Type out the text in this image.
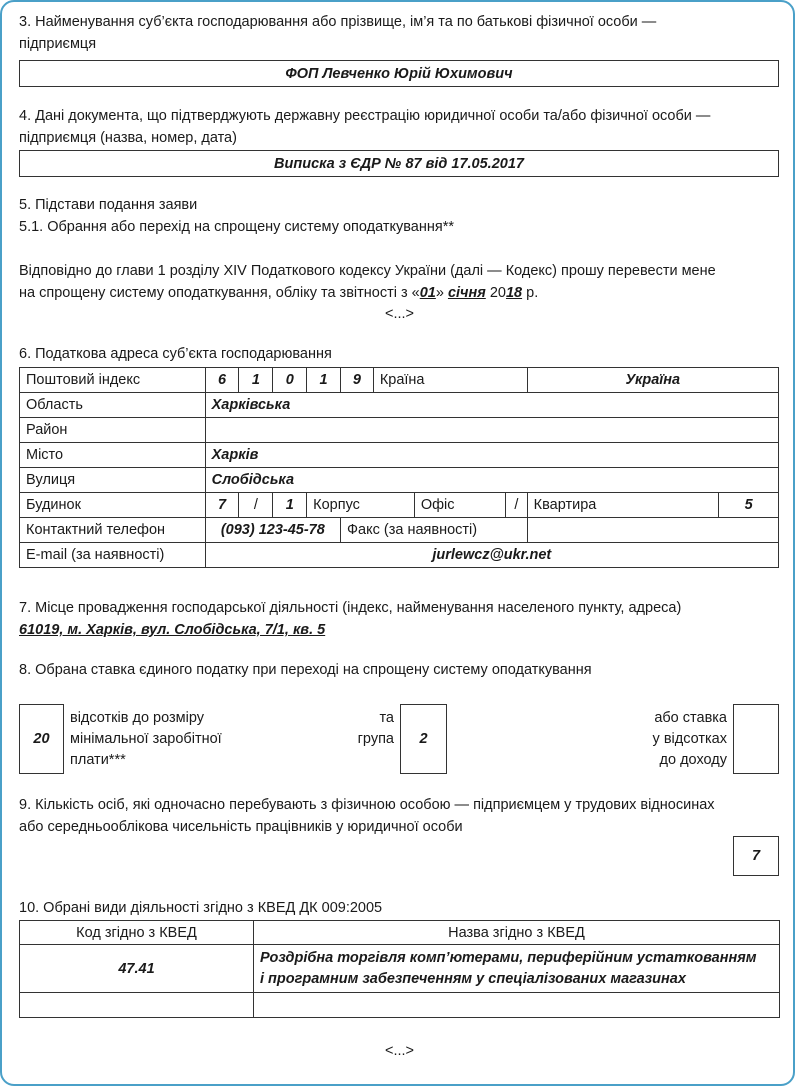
3. Найменування суб’єкта господарювання або прізвище, ім’я та по батькові фізичної особи —
підприємця
ФОП Левченко Юрій Юхимович
4. Дані документа, що підтверджують державну реєстрацію юридичної особи та/або фізичної особи —
підприємця (назва, номер, дата)
Виписка з ЄДР № 87 від 17.05.2017
5. Підстави подання заяви
5.1. Обрання або перехід на спрощену систему оподаткування**
Відповідно до глави 1 розділу XIV Податкового кодексу України (далі — Кодекс) прошу перевести мене
на спрощену систему оподаткування, обліку та звітності з «01» січня 2018 р.
<...>
6. Податкова адреса суб’єкта господарювання
Поштовий індекс	6	1	0	1	9	Країна			Україна	
Область	Харківська									
Район										
Місто	Харків									
Вулиця	Слобідська									
Будинок	7	/	1	Корпус			Офіс	/	Квартира	5
Контактний телефон	(093) 123-45-78				Факс (за наявності)					
E-mail (за наявності)	jurlewcz@ukr.net									
7. Місце провадження господарської діяльності (індекс, найменування населеного пункту, адреса)
61019, м. Харків, вул. Слобідська, 7/1, кв. 5
8. Обрана ставка єдиного податку при переході на спрощену систему оподаткування
20
відсотків до розміру
мінімальної заробітної
плати***
та
група	2
або ставка
у відсотках
до доходу
9. Кількість осіб, які одночасно перебувають з фізичною особою — підприємцем у трудових відносинах
або середньооблікова чисельність працівників у юридичної особи
7
10. Обрані види діяльності згідно з КВЕД ДК 009:2005
Код згідно з КВЕД	Назва згідно з КВЕД
47.41	Роздрібна торгівля комп’ютерами, периферійним устаткованням
і програмним забезпеченням у спеціалізованих магазинах

<...>
